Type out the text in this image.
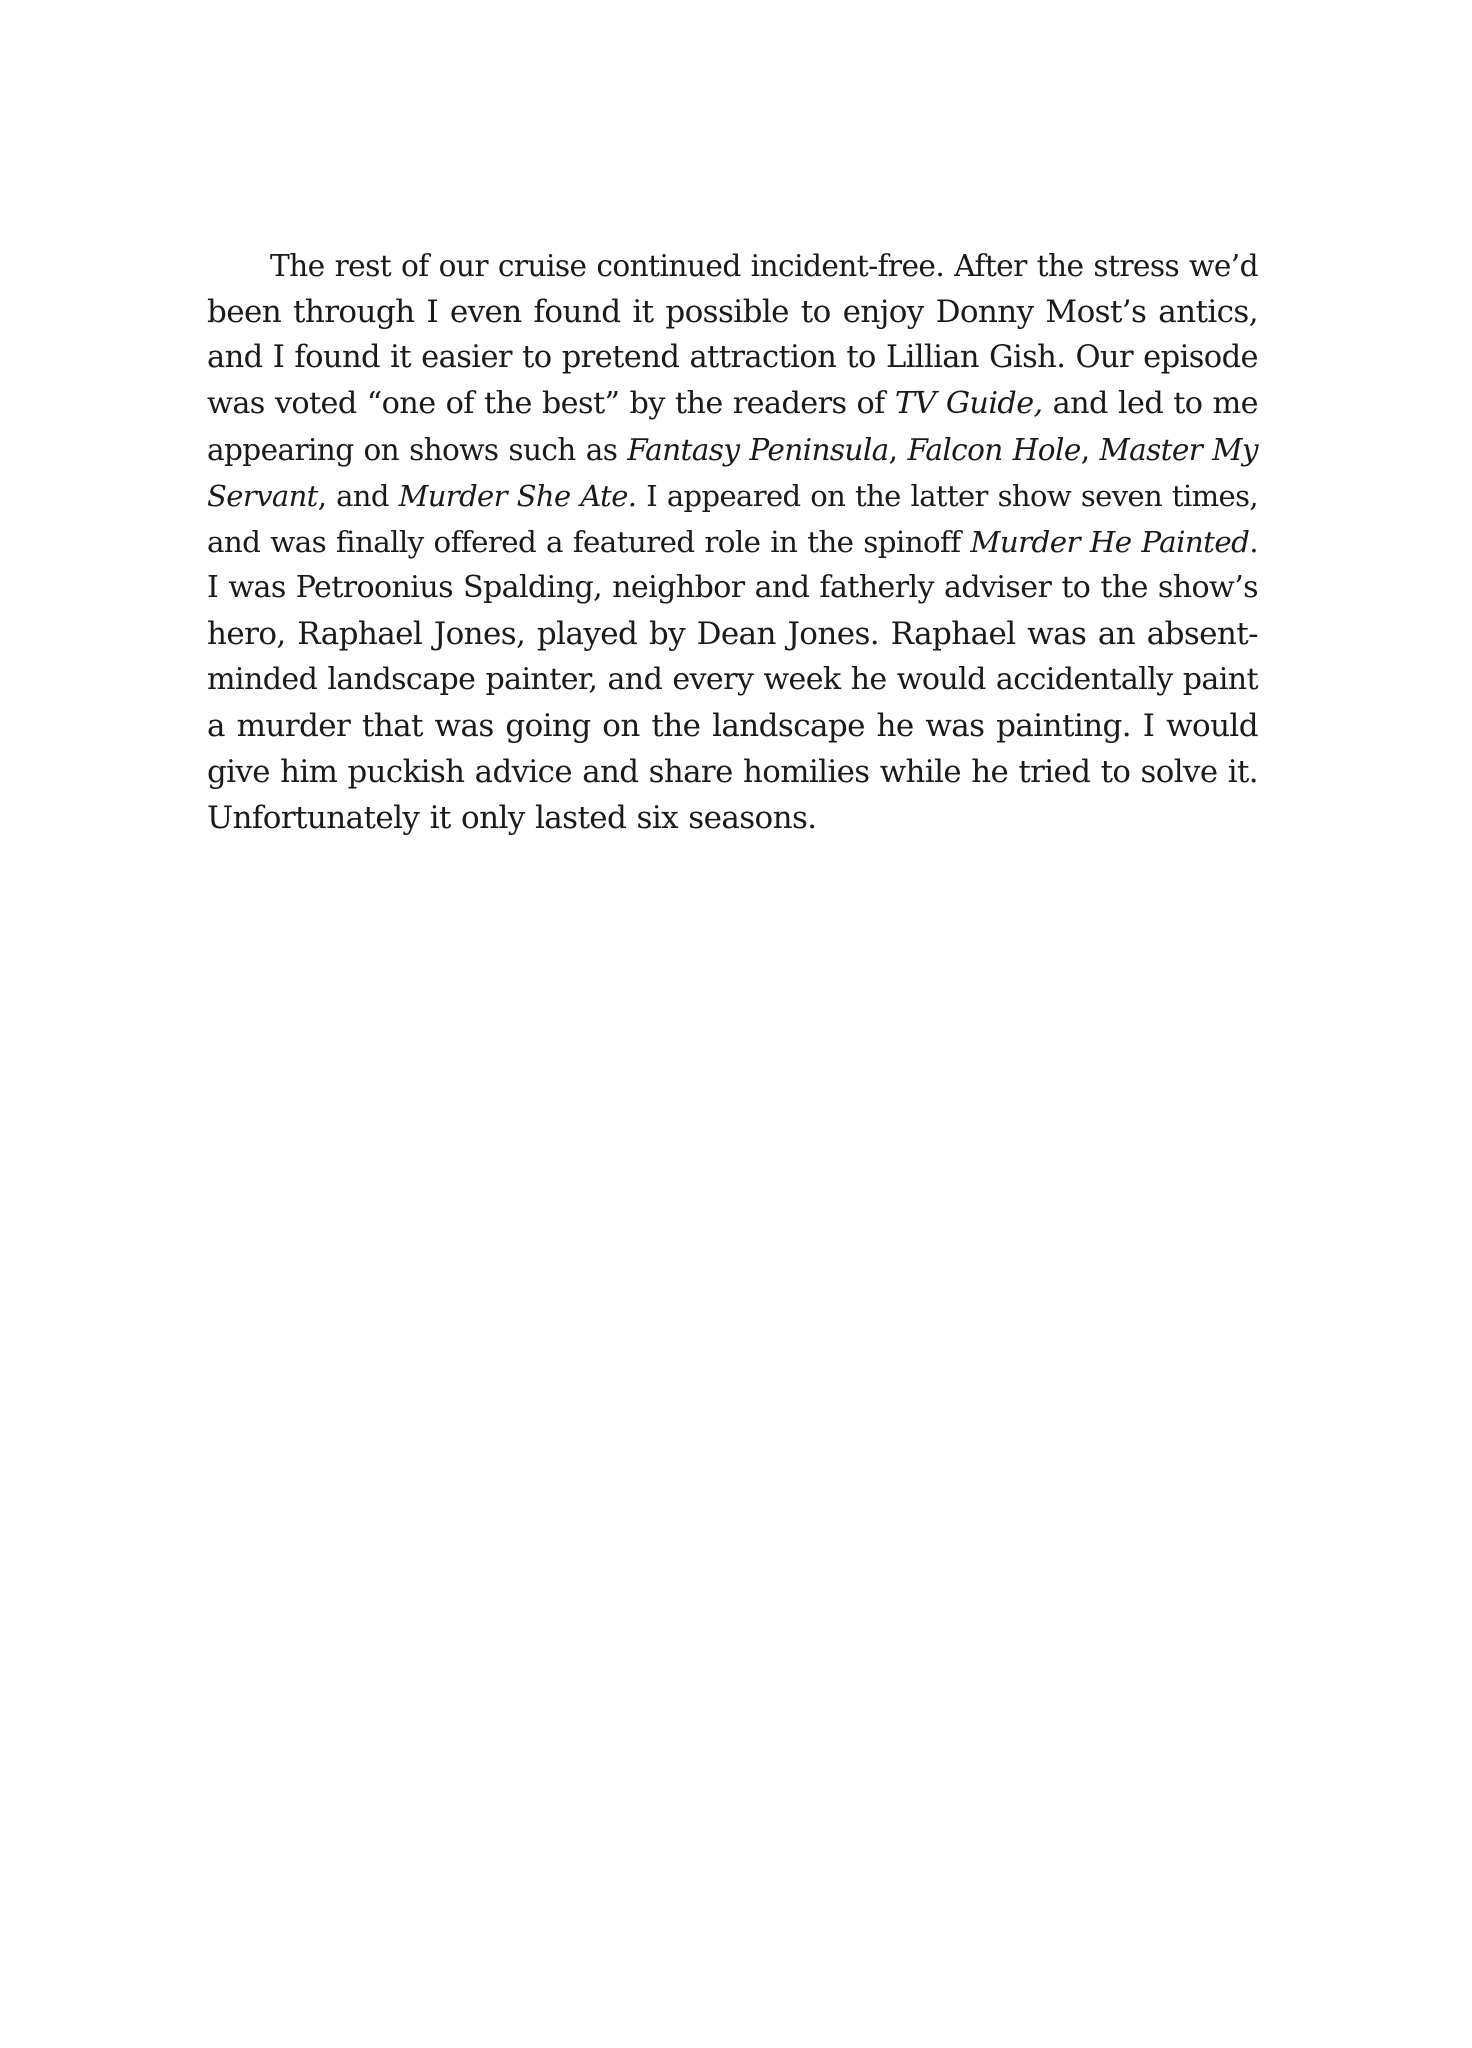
The rest of our cruise continued incident-free. After the stress we’d
been through I even found it possible to enjoy Donny Most’s antics,
and I found it easier to pretend attraction to Lillian Gish. Our episode
was voted “one of the best” by the readers of TV Guide, and led to me
appearing on shows such as Fantasy Peninsula, Falcon Hole, Master My
Servant, and Murder She Ate. I appeared on the latter show seven times,
and was finally offered a featured role in the spinoff Murder He Painted.
I was Petroonius Spalding, neighbor and fatherly adviser to the show’s
hero, Raphael Jones, played by Dean Jones. Raphael was an absent-
minded landscape painter, and every week he would accidentally paint
a murder that was going on the landscape he was painting. I would
give him puckish advice and share homilies while he tried to solve it.
Unfortunately it only lasted six seasons.
